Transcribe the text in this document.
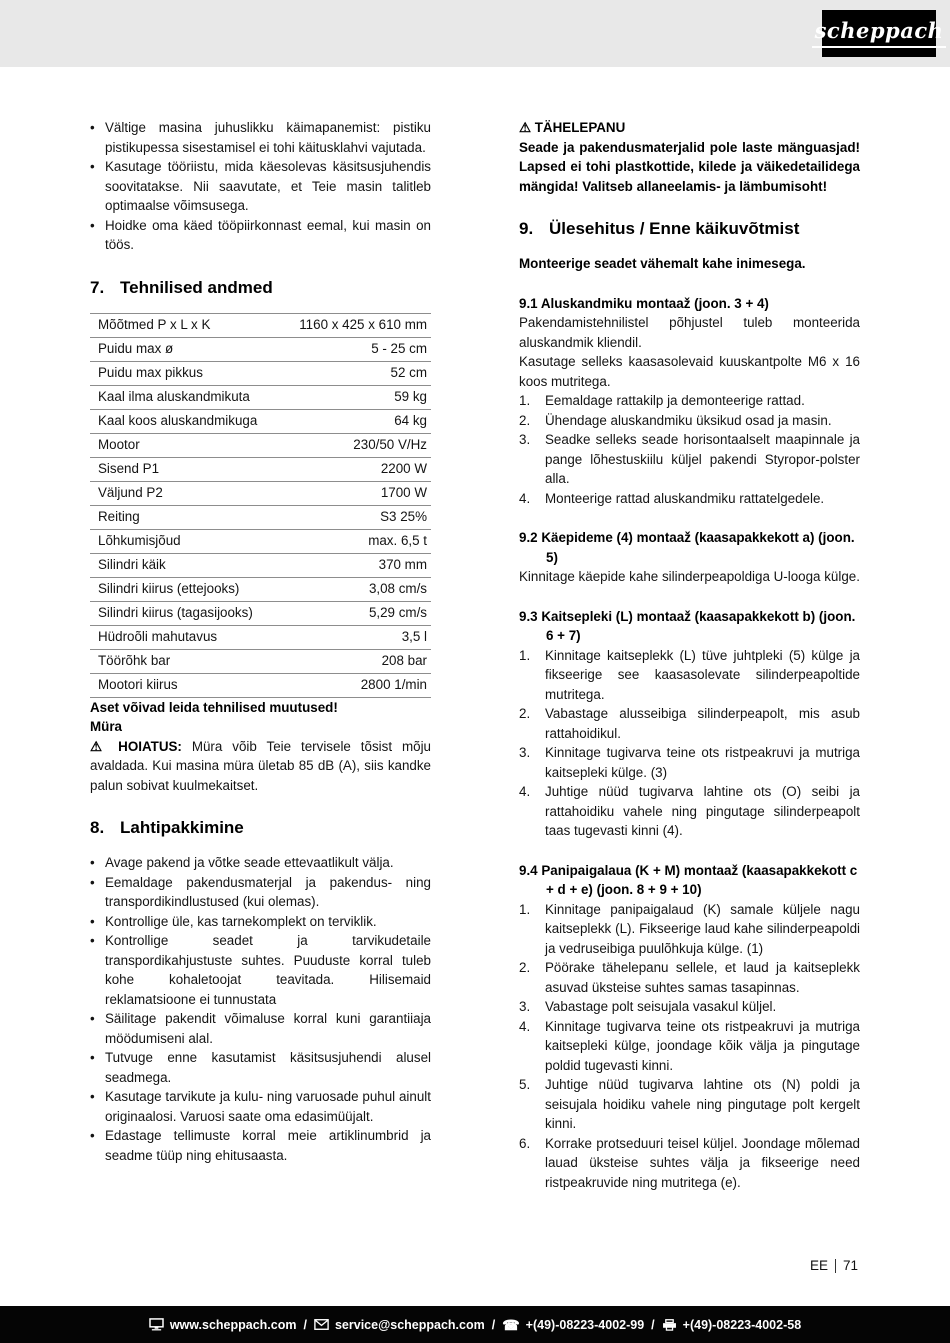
scheppach
• Vältige masina juhuslikku käimapanemist: pistiku pistikupessa sisestamisel ei tohi käitusklahvi vajutada.
• Kasutage tööriistu, mida käesolevas käsitsusjuhendis soovitatakse. Nii saavutate, et Teie masin talitleb optimaalse võimsusega.
• Hoidke oma käed tööpiirkonnast eemal, kui masin on töös.
7. Tehnilised andmed
Mõõtmed P x L x K	1160 x 425 x 610 mm
Puidu max ø	5 - 25 cm
Puidu max pikkus	52 cm
Kaal ilma aluskandmikuta	59 kg
Kaal koos aluskandmikuga	64 kg
Mootor	230/50 V/Hz
Sisend P1	2200 W
Väljund P2	1700 W
Reiting	S3 25%
Lõhkumisjõud	max. 6,5 t
Silindri käik	370 mm
Silindri kiirus (ettejooks)	3,08 cm/s
Silindri kiirus (tagasijooks)	5,29 cm/s
Hüdroõli mahutavus	3,5 l
Töörõhk bar	208 bar
Mootori kiirus	2800 1/min

Aset võivad leida tehnilised muutused!

Müra

⚠ HOIATUS: Müra võib Teie tervisele tõsist mõju avaldada. Kui masina müra ületab 85 dB (A), siis kandke palun sobivat kuulmekaitset.

8. Lahtipakkimine
• Avage pakend ja võtke seade ettevaatlikult välja.
• Eemaldage pakendusmaterjal ja pakendus- ning transpordikindlustused (kui olemas).
• Kontrollige üle, kas tarnekomplekt on terviklik.
• Kontrollige seadet ja tarvikudetaile transpordikahjustuste suhtes. Puuduste korral tuleb kohe kohaletoojat teavitada. Hilisemaid reklamatsioone ei tunnustata
• Säilitage pakendit võimaluse korral kuni garantiiaja möödumiseni alal.
• Tutvuge enne kasutamist käsitsusjuhendi alusel seadmega.
• Kasutage tarvikute ja kulu- ning varuosade puhul ainult originaalosi. Varuosi saate oma edasimüüjalt.
• Edastage tellimuste korral meie artiklinumbrid ja seadme tüüp ning ehitusaasta.

⚠ TÄHELEPANU

Seade ja pakendusmaterjalid pole laste mänguasjad! Lapsed ei tohi plastkottide, kilede ja väikedetailidega mängida! Valitseb allaneelamis- ja lämbumisoht!

9. Ülesehitus / Enne käikuvõtmist

Monteerige seadet vähemalt kahe inimesega.

9.1 Aluskandmiku montaaž (joon. 3 + 4)

Pakendamistehnilistel põhjustel tuleb monteerida aluskandmik kliendil.

Kasutage selleks kaasasolevaid kuuskantpolte M6 x 16 koos mutritega.

Eemaldage rattakilp ja demonteerige rattad.
Ühendage aluskandmiku üksikud osad ja masin.
Seadke selleks seade horisontaalselt maapinnale ja pange lõhestuskiilu küljel pakendi Styropor-polster alla.
Monteerige rattad aluskandmiku rattatelgedele.

9.2 Käepideme (4) montaaž (kaasapakkekott a) (joon. 5)

Kinnitage käepide kahe silinderpeapoldiga U-looga külge.

9.3 Kaitsepleki (L) montaaž (kaasapakkekott b) (joon. 6 + 7)

Kinnitage kaitseplekk (L) tüve juhtpleki (5) külge ja fikseerige see kaasasolevate silinderpeapoltide mutritega.
Vabastage alusseibiga silinderpeapolt, mis asub rattahoidikul.
Kinnitage tugivarva teine ots ristpeakruvi ja mutriga kaitsepleki külge. (3)
Juhtige nüüd tugivarva lahtine ots (O) seibi ja rattahoidiku vahele ning pingutage silinderpeapolt taas tugevasti kinni (4).

9.4 Panipaigalaua (K + M) montaaž (kaasapakkekott c + d + e) (joon. 8 + 9 + 10)

Kinnitage panipaigalaud (K) samale küljele nagu kaitseplekk (L). Fikseerige laud kahe silinderpeapoldi ja vedruseibiga puulõhkuja külge. (1)
Pöörake tähelepanu sellele, et laud ja kaitseplekk asuvad üksteise suhtes samas tasapinnas.
Vabastage polt seisujala vasakul küljel.
Kinnitage tugivarva teine ots ristpeakruvi ja mutriga kaitsepleki külge, joondage kõik välja ja pingutage poldid tugevasti kinni.
Juhtige nüüd tugivarva lahtine ots (N) poldi ja seisujala hoidiku vahele ning pingutage polt kergelt kinni.
Korrake protseduuri teisel küljel. Joondage mõlemad lauad üksteise suhtes välja ja fikseerige need ristpeakruvide ning mutritega (e).
EE 71
www.scheppach.com / service@scheppach.com / ☎ +(49)-08223-4002-99 / +(49)-08223-4002-58
